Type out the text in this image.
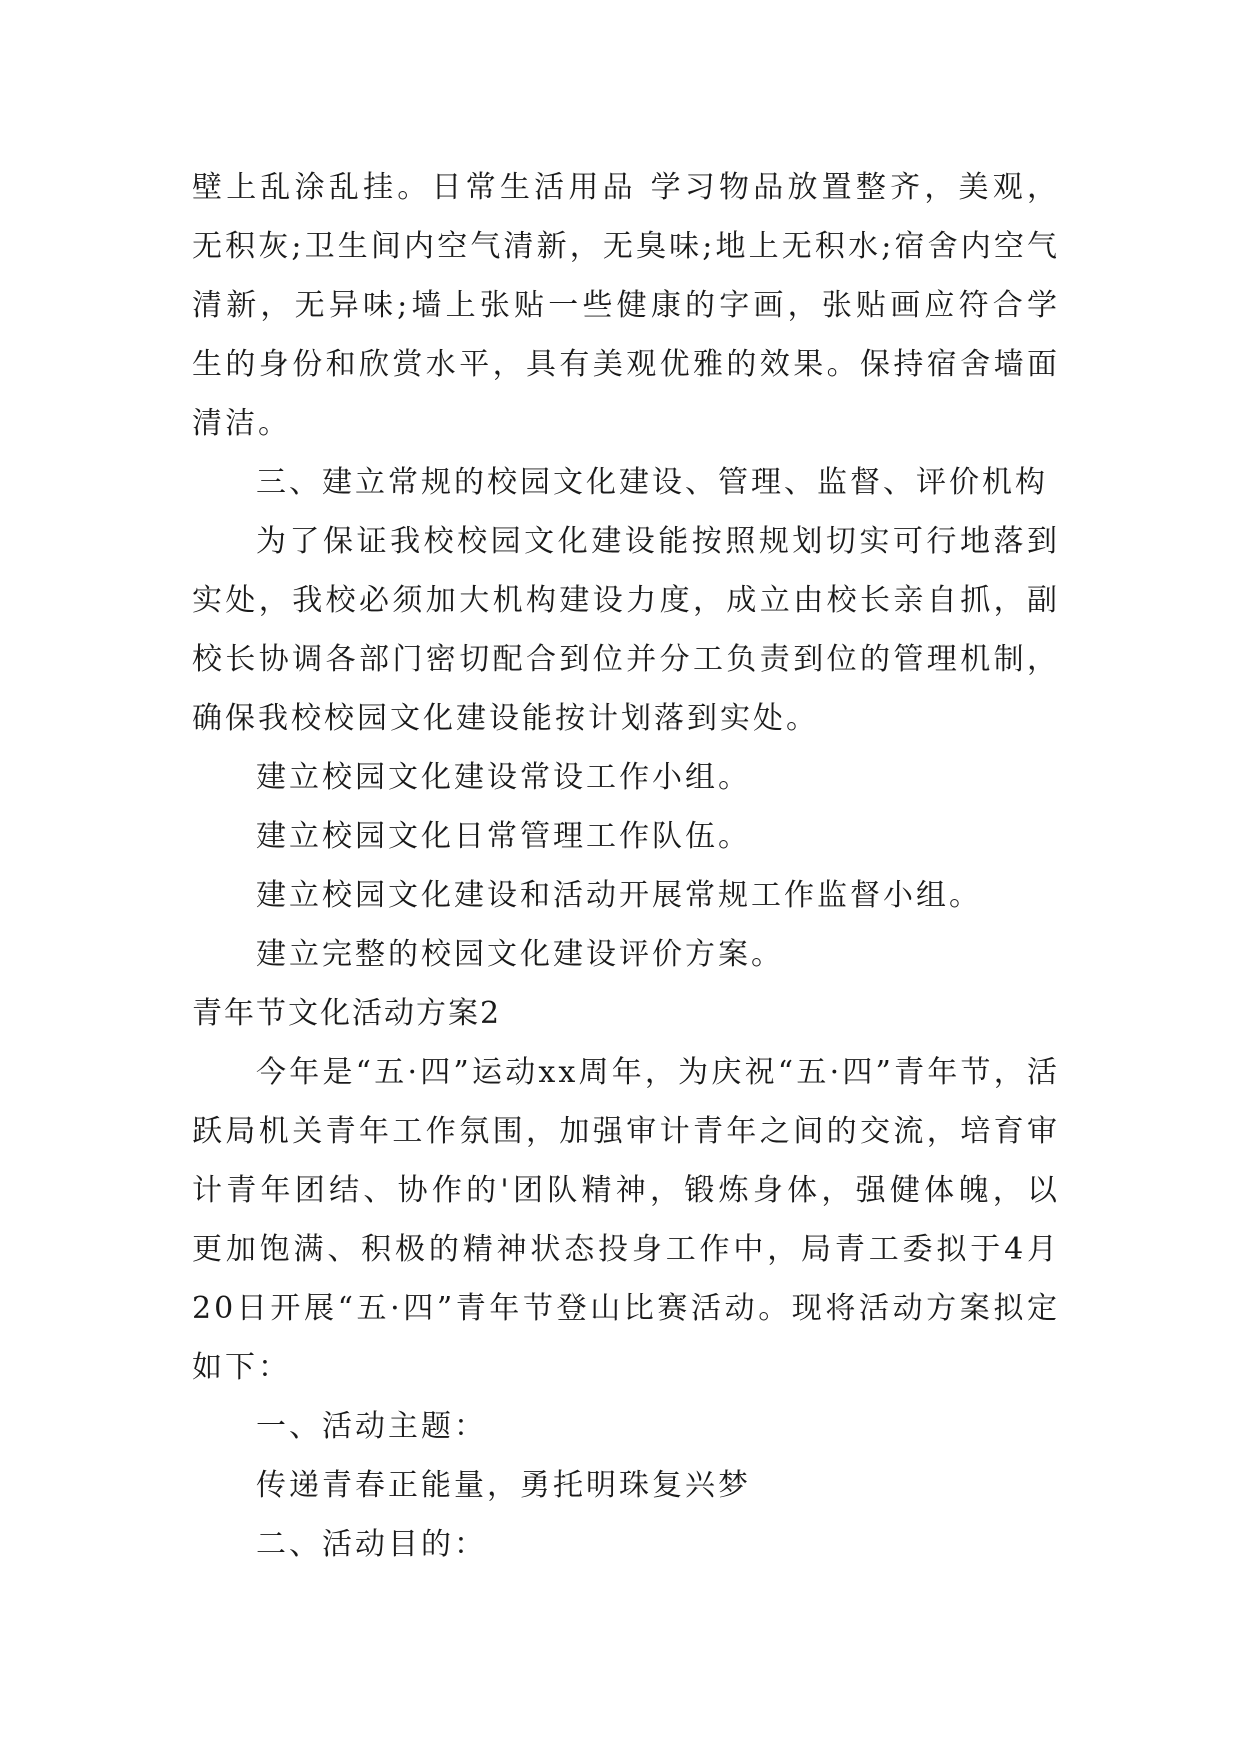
壁上乱涂乱挂。日常生活用品 学习物品放置整齐，美观，无积灰;卫生间内空气清新，无臭味;地上无积水;宿舍内空气清新，无异味;墙上张贴一些健康的字画，张贴画应符合学生的身份和欣赏水平，具有美观优雅的效果。保持宿舍墙面清洁。

三、建立常规的校园文化建设、管理、监督、评价机构

为了保证我校校园文化建设能按照规划切实可行地落到实处，我校必须加大机构建设力度，成立由校长亲自抓，副校长协调各部门密切配合到位并分工负责到位的管理机制，确保我校校园文化建设能按计划落到实处。

建立校园文化建设常设工作小组。

建立校园文化日常管理工作队伍。

建立校园文化建设和活动开展常规工作监督小组。

建立完整的校园文化建设评价方案。

青年节文化活动方案2

今年是“五·四”运动xx周年，为庆祝“五·四”青年节，活跃局机关青年工作氛围，加强审计青年之间的交流，培育审计青年团结、协作的'团队精神，锻炼身体，强健体魄，以更加饱满、积极的精神状态投身工作中，局青工委拟于4月20日开展“五·四”青年节登山比赛活动。现将活动方案拟定如下：

一、活动主题：

传递青春正能量，勇托明珠复兴梦

二、活动目的：
